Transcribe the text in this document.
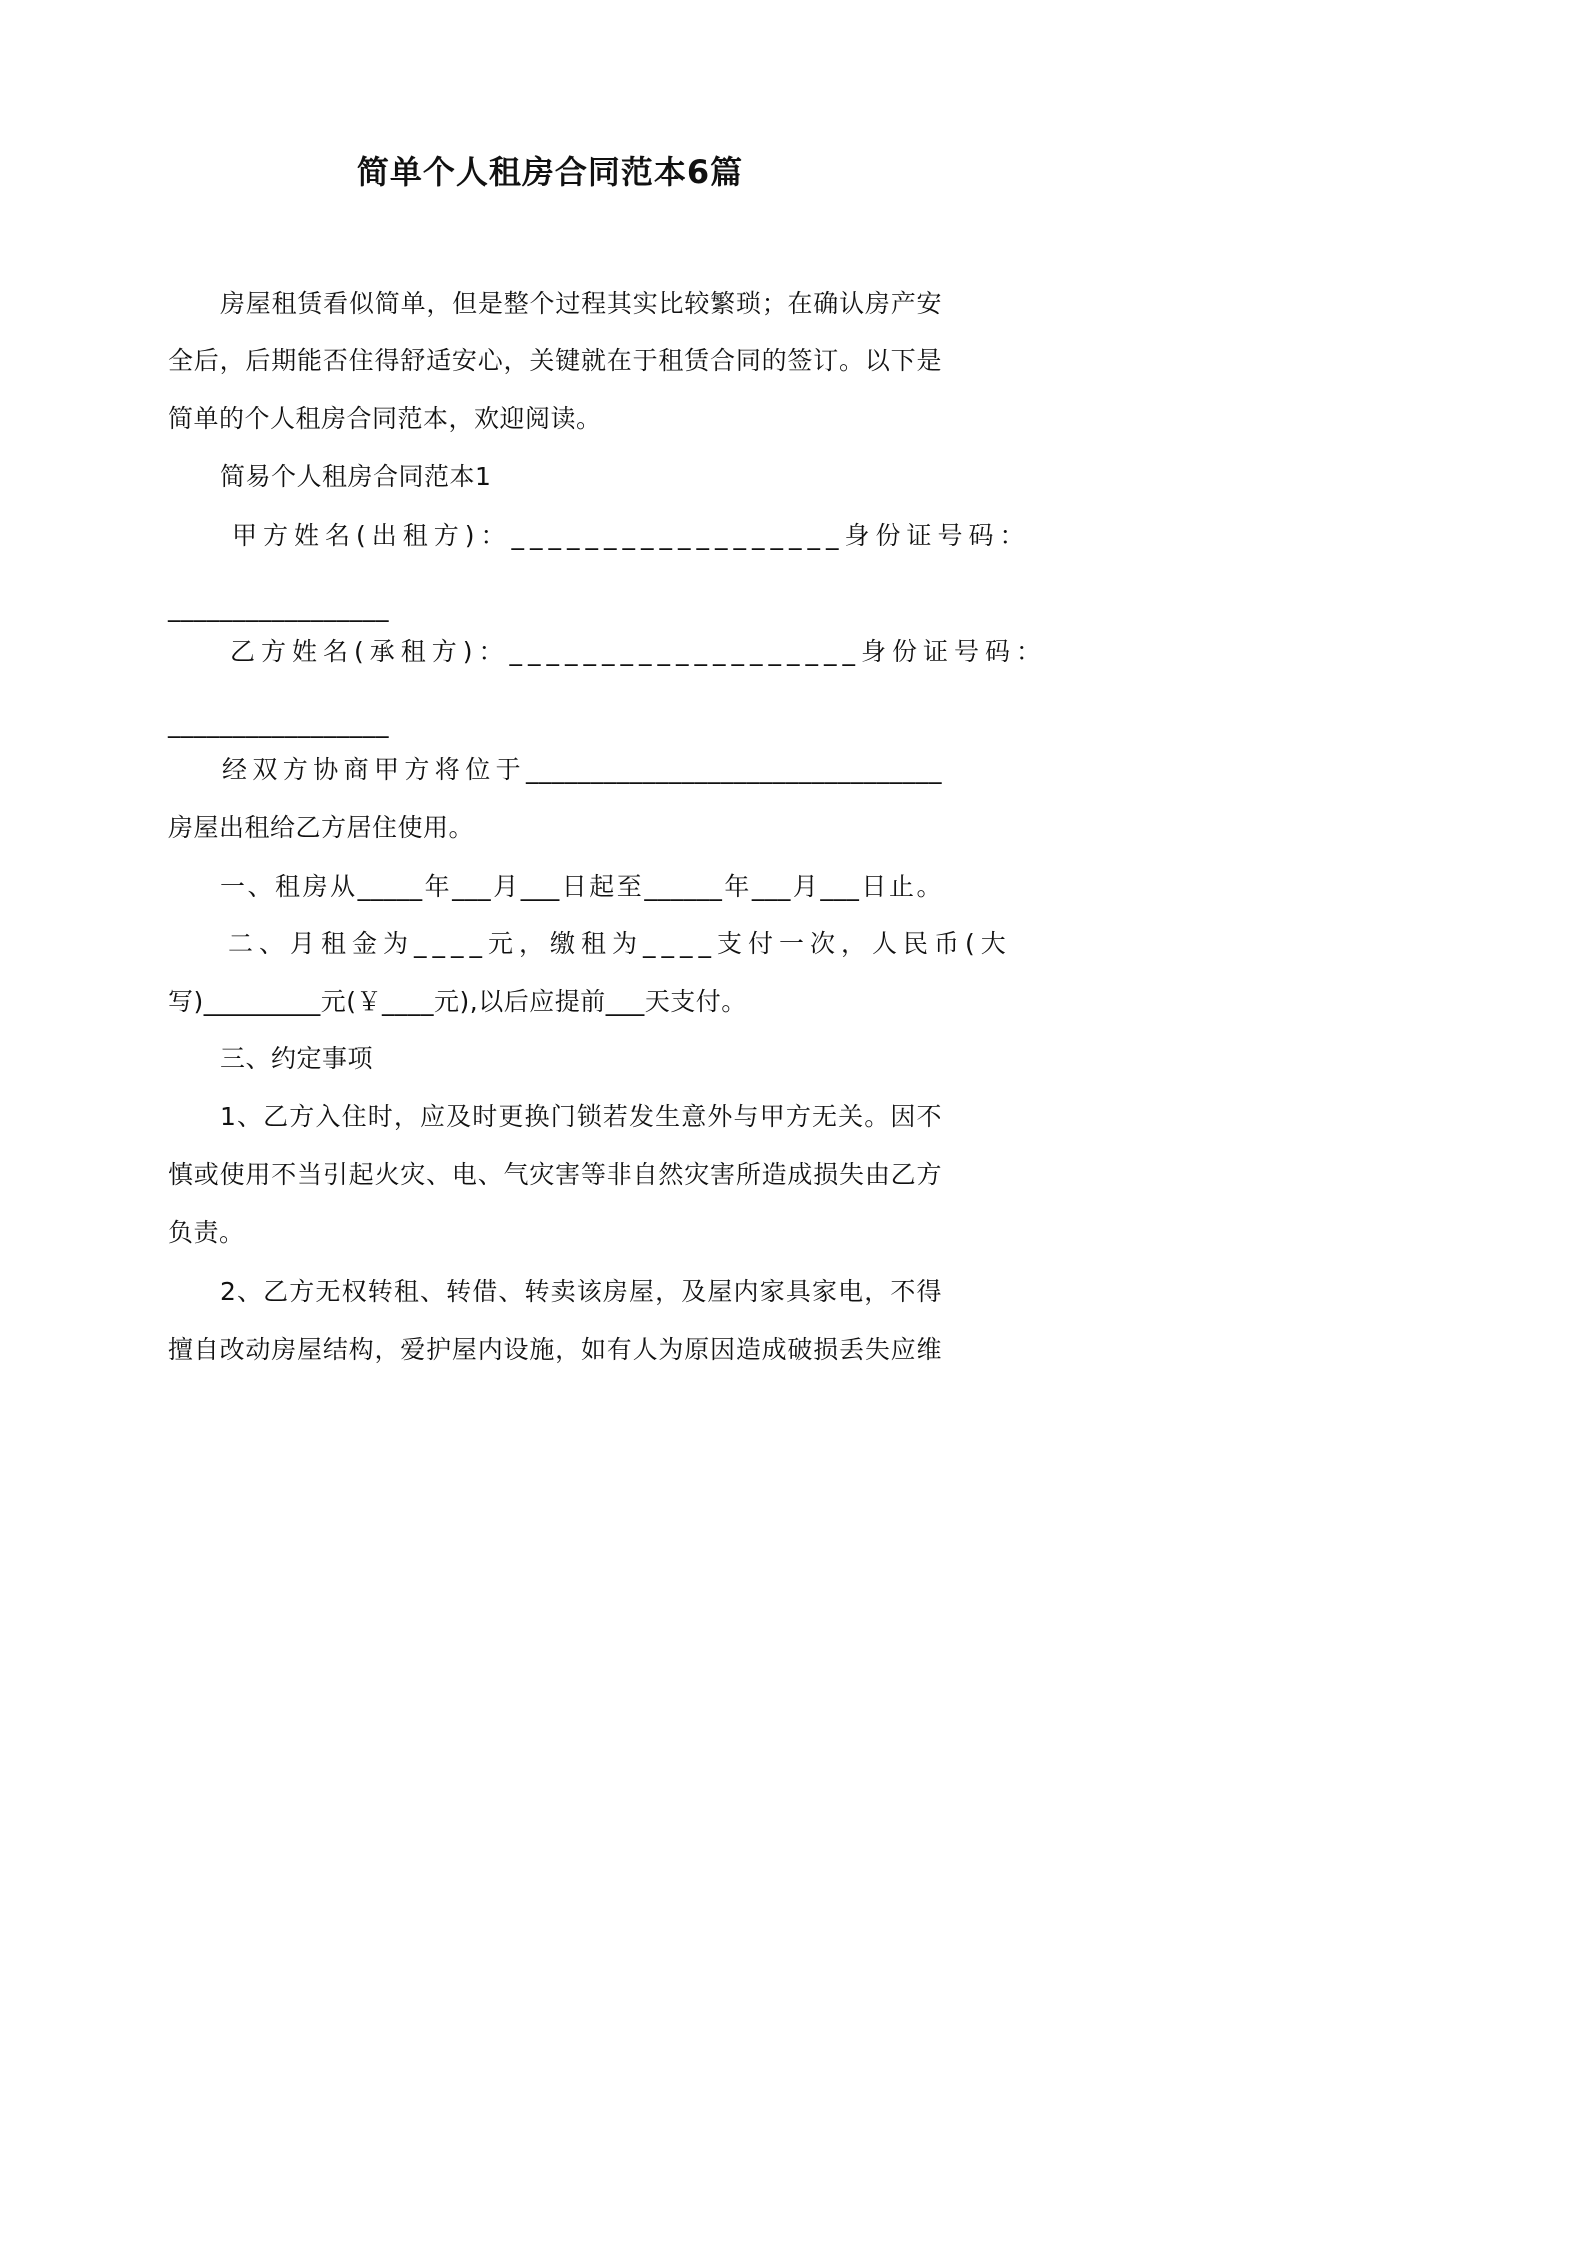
简单个人租房合同范本6篇
房屋租赁看似简单，但是整个过程其实比较繁琐；在确认房产安
全后，后期能否住得舒适安心，关键就在于租赁合同的签订。以下是
简单的个人租房合同范本，欢迎阅读。
简易个人租房合同范本1
甲方姓名(出租方)：__________________身份证号码：
_________________
乙方姓名(承租方)：___________________身份证号码：
_________________
经双方协商甲方将位于________________________________
房屋出租给乙方居住使用。
一、租房从_____年___月___日起至______年___月___日止。
二、月租金为____元，缴租为____支付一次，人民币(大
写)_________元(￥____元),以后应提前___天支付。
三、约定事项
1、乙方入住时，应及时更换门锁若发生意外与甲方无关。因不
慎或使用不当引起火灾、电、气灾害等非自然灾害所造成损失由乙方
负责。
2、乙方无权转租、转借、转卖该房屋，及屋内家具家电，不得
擅自改动房屋结构，爱护屋内设施，如有人为原因造成破损丢失应维
